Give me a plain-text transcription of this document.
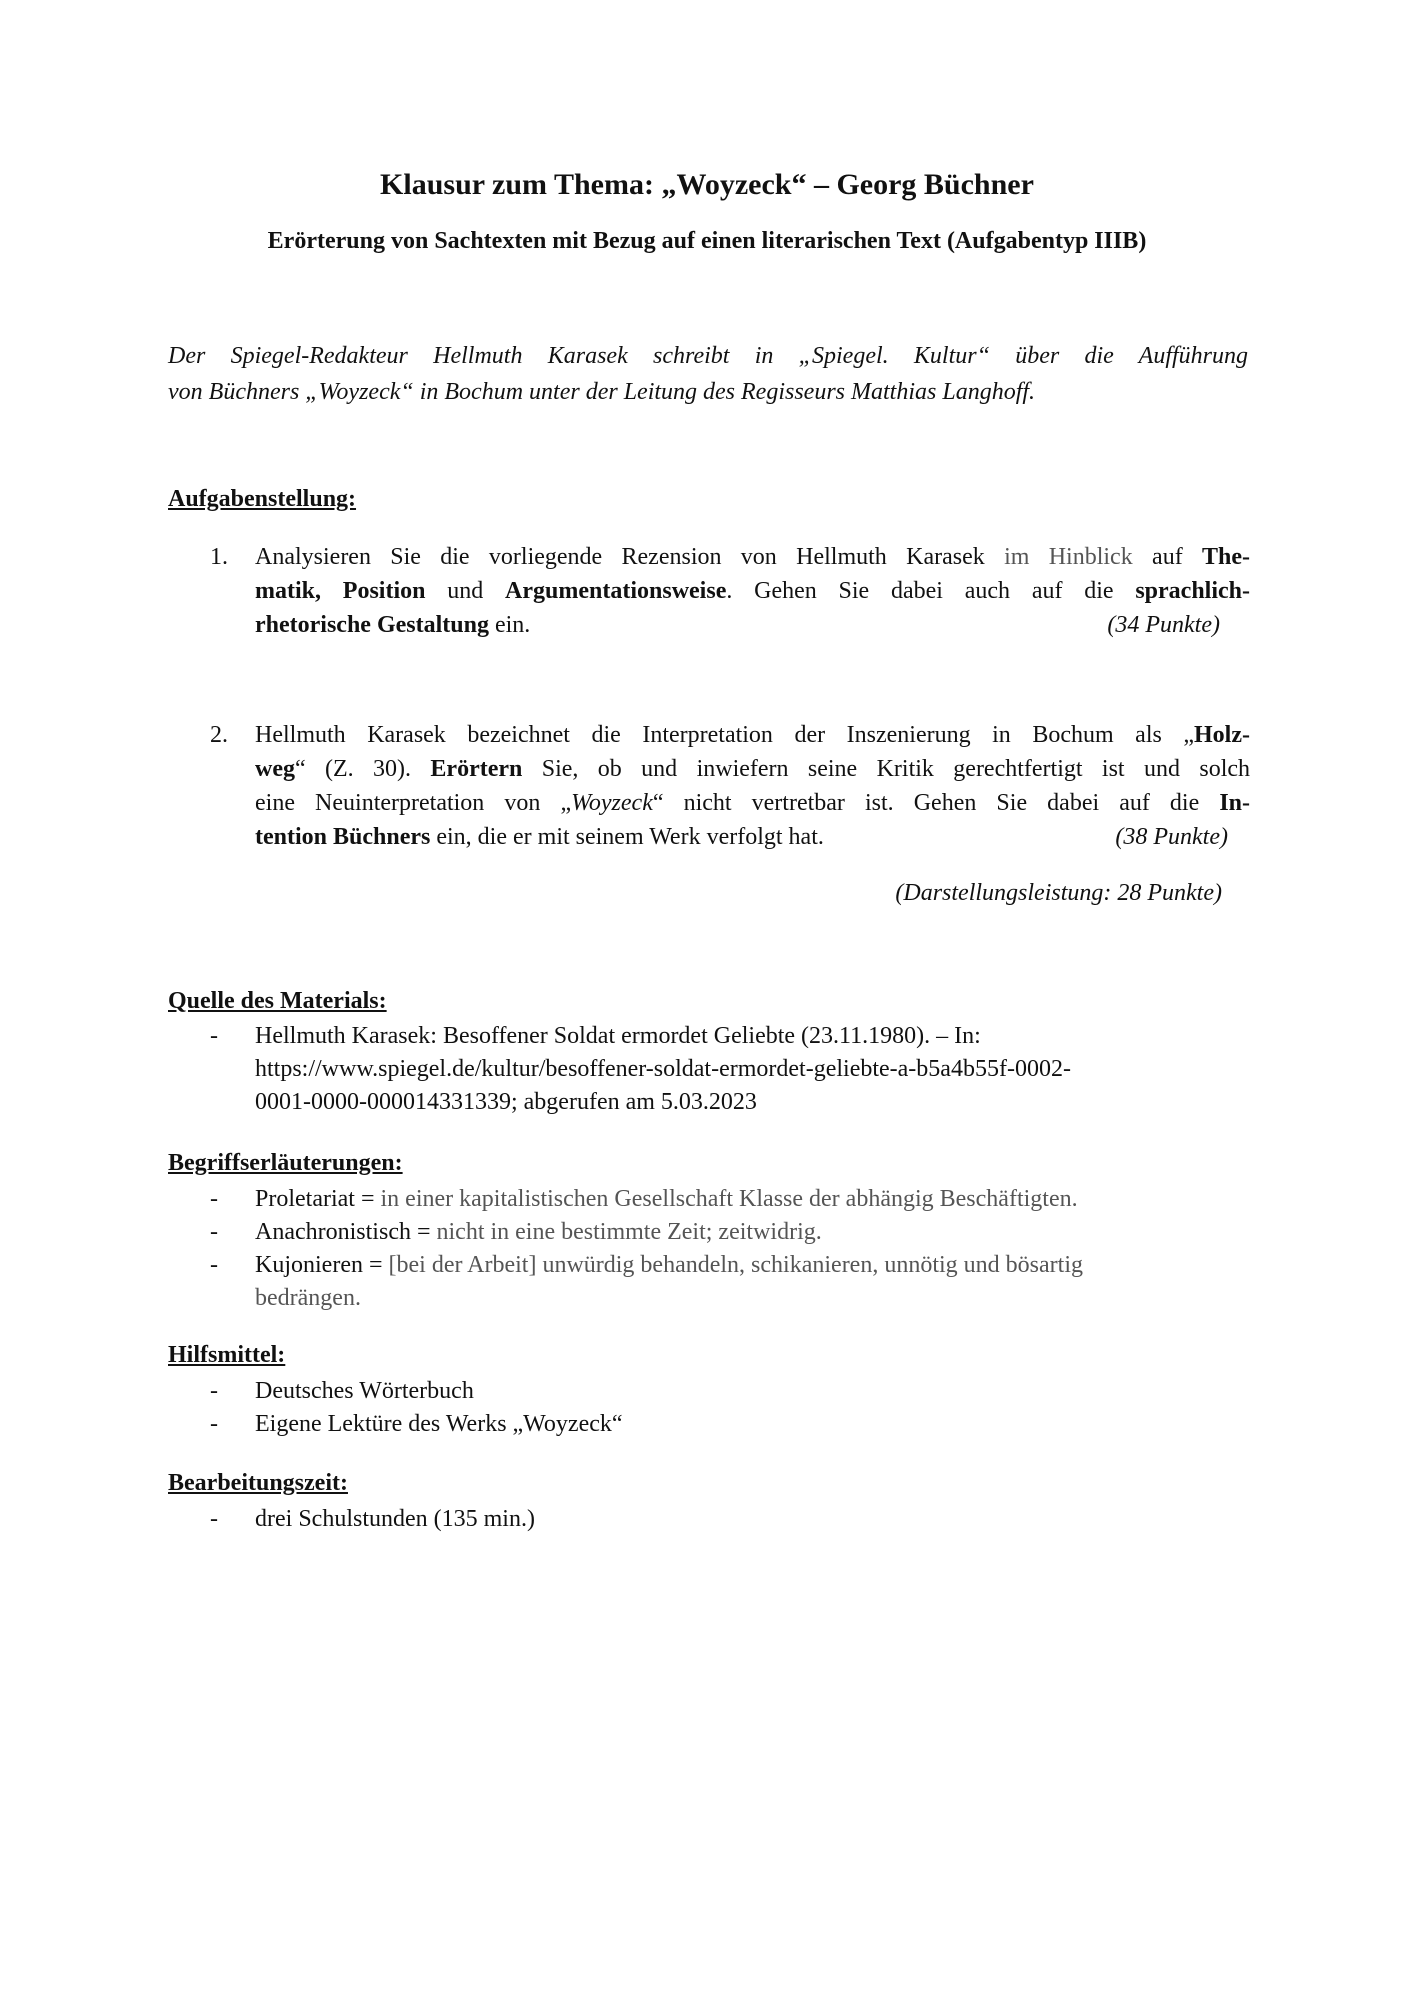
Klausur zum Thema: „Woyzeck“ – Georg Büchner
Erörterung von Sachtexten mit Bezug auf einen literarischen Text (Aufgabentyp IIIB)
Der Spiegel-Redakteur Hellmuth Karasek schreibt in „Spiegel. Kultur“ über die Aufführung
von Büchners „Woyzeck“ in Bochum unter der Leitung des Regisseurs Matthias Langhoff.
Aufgabenstellung:
1. Analysieren Sie die vorliegende Rezension von Hellmuth Karasek im Hinblick auf The-
matik, Position und Argumentationsweise. Gehen Sie dabei auch auf die sprachlich-
rhetorische Gestaltung ein.	(34 Punkte)
2. Hellmuth Karasek bezeichnet die Interpretation der Inszenierung in Bochum als „Holz-
weg“ (Z. 30). Erörtern Sie, ob und inwiefern seine Kritik gerechtfertigt ist und solch
eine Neuinterpretation von „Woyzeck“ nicht vertretbar ist. Gehen Sie dabei auf die In-
tention Büchners ein, die er mit seinem Werk verfolgt hat.	(38 Punkte)
(Darstellungsleistung: 28 Punkte)
Quelle des Materials:
- Hellmuth Karasek: Besoffener Soldat ermordet Geliebte (23.11.1980). – In:
https://www.spiegel.de/kultur/besoffener-soldat-ermordet-geliebte-a-b5a4b55f-0002-
0001-0000-000014331339; abgerufen am 5.03.2023
Begriffserläuterungen:
- Proletariat = in einer kapitalistischen Gesellschaft Klasse der abhängig Beschäftigten.
- Anachronistisch = nicht in eine bestimmte Zeit; zeitwidrig.
- Kujonieren = [bei der Arbeit] unwürdig behandeln, schikanieren, unnötig und bösartig
bedrängen.
Hilfsmittel:
- Deutsches Wörterbuch
- Eigene Lektüre des Werks „Woyzeck“
Bearbeitungszeit:
- drei Schulstunden (135 min.)
